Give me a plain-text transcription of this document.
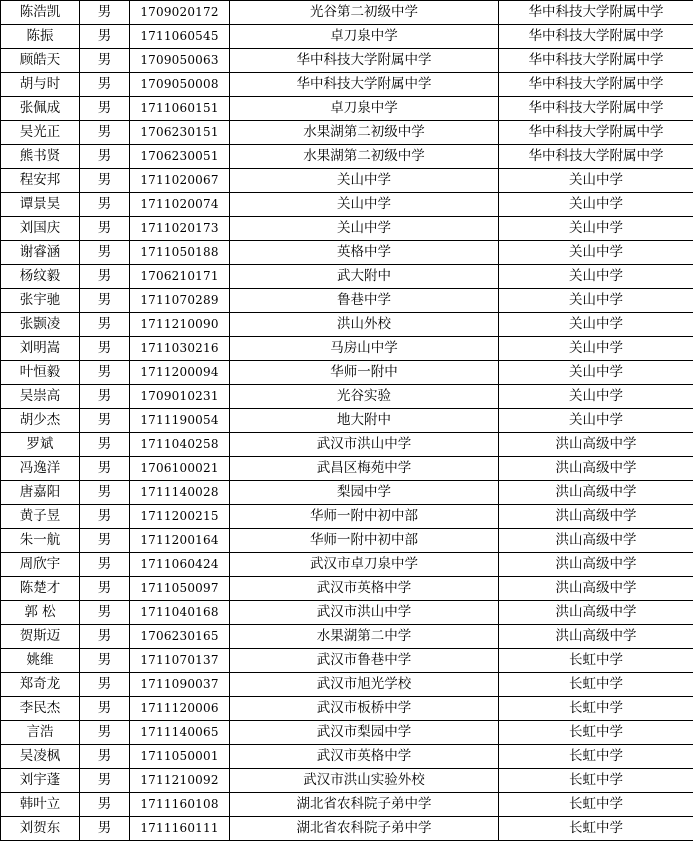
陈浩凯	男	1709020172	光谷第二初级中学	华中科技大学附属中学
陈振	男	1711060545	卓刀泉中学	华中科技大学附属中学
顾皓天	男	1709050063	华中科技大学附属中学	华中科技大学附属中学
胡与时	男	1709050008	华中科技大学附属中学	华中科技大学附属中学
张佩成	男	1711060151	卓刀泉中学	华中科技大学附属中学
吴光正	男	1706230151	水果湖第二初级中学	华中科技大学附属中学
熊书贤	男	1706230051	水果湖第二初级中学	华中科技大学附属中学
程安邦	男	1711020067	关山中学	关山中学
谭景昊	男	1711020074	关山中学	关山中学
刘国庆	男	1711020173	关山中学	关山中学
谢睿涵	男	1711050188	英格中学	关山中学
杨纹毅	男	1706210171	武大附中	关山中学
张宇驰	男	1711070289	鲁巷中学	关山中学
张颢凌	男	1711210090	洪山外校	关山中学
刘明嵩	男	1711030216	马房山中学	关山中学
叶恒毅	男	1711200094	华师一附中	关山中学
吴崇高	男	1709010231	光谷实验	关山中学
胡少杰	男	1711190054	地大附中	关山中学
罗斌	男	1711040258	武汉市洪山中学	洪山高级中学
冯逸洋	男	1706100021	武昌区梅苑中学	洪山高级中学
唐嘉阳	男	1711140028	梨园中学	洪山高级中学
黄子昱	男	1711200215	华师一附中初中部	洪山高级中学
朱一航	男	1711200164	华师一附中初中部	洪山高级中学
周欣宇	男	1711060424	武汉市卓刀泉中学	洪山高级中学
陈楚才	男	1711050097	武汉市英格中学	洪山高级中学
郭 松	男	1711040168	武汉市洪山中学	洪山高级中学
贺斯迈	男	1706230165	水果湖第二中学	洪山高级中学
姚维	男	1711070137	武汉市鲁巷中学	长虹中学
郑奇龙	男	1711090037	武汉市旭光学校	长虹中学
李民杰	男	1711120006	武汉市板桥中学	长虹中学
言浩	男	1711140065	武汉市梨园中学	长虹中学
吴凌枫	男	1711050001	武汉市英格中学	长虹中学
刘宇蓬	男	1711210092	武汉市洪山实验外校	长虹中学
韩叶立	男	1711160108	湖北省农科院子弟中学	长虹中学
刘贺东	男	1711160111	湖北省农科院子弟中学	长虹中学
